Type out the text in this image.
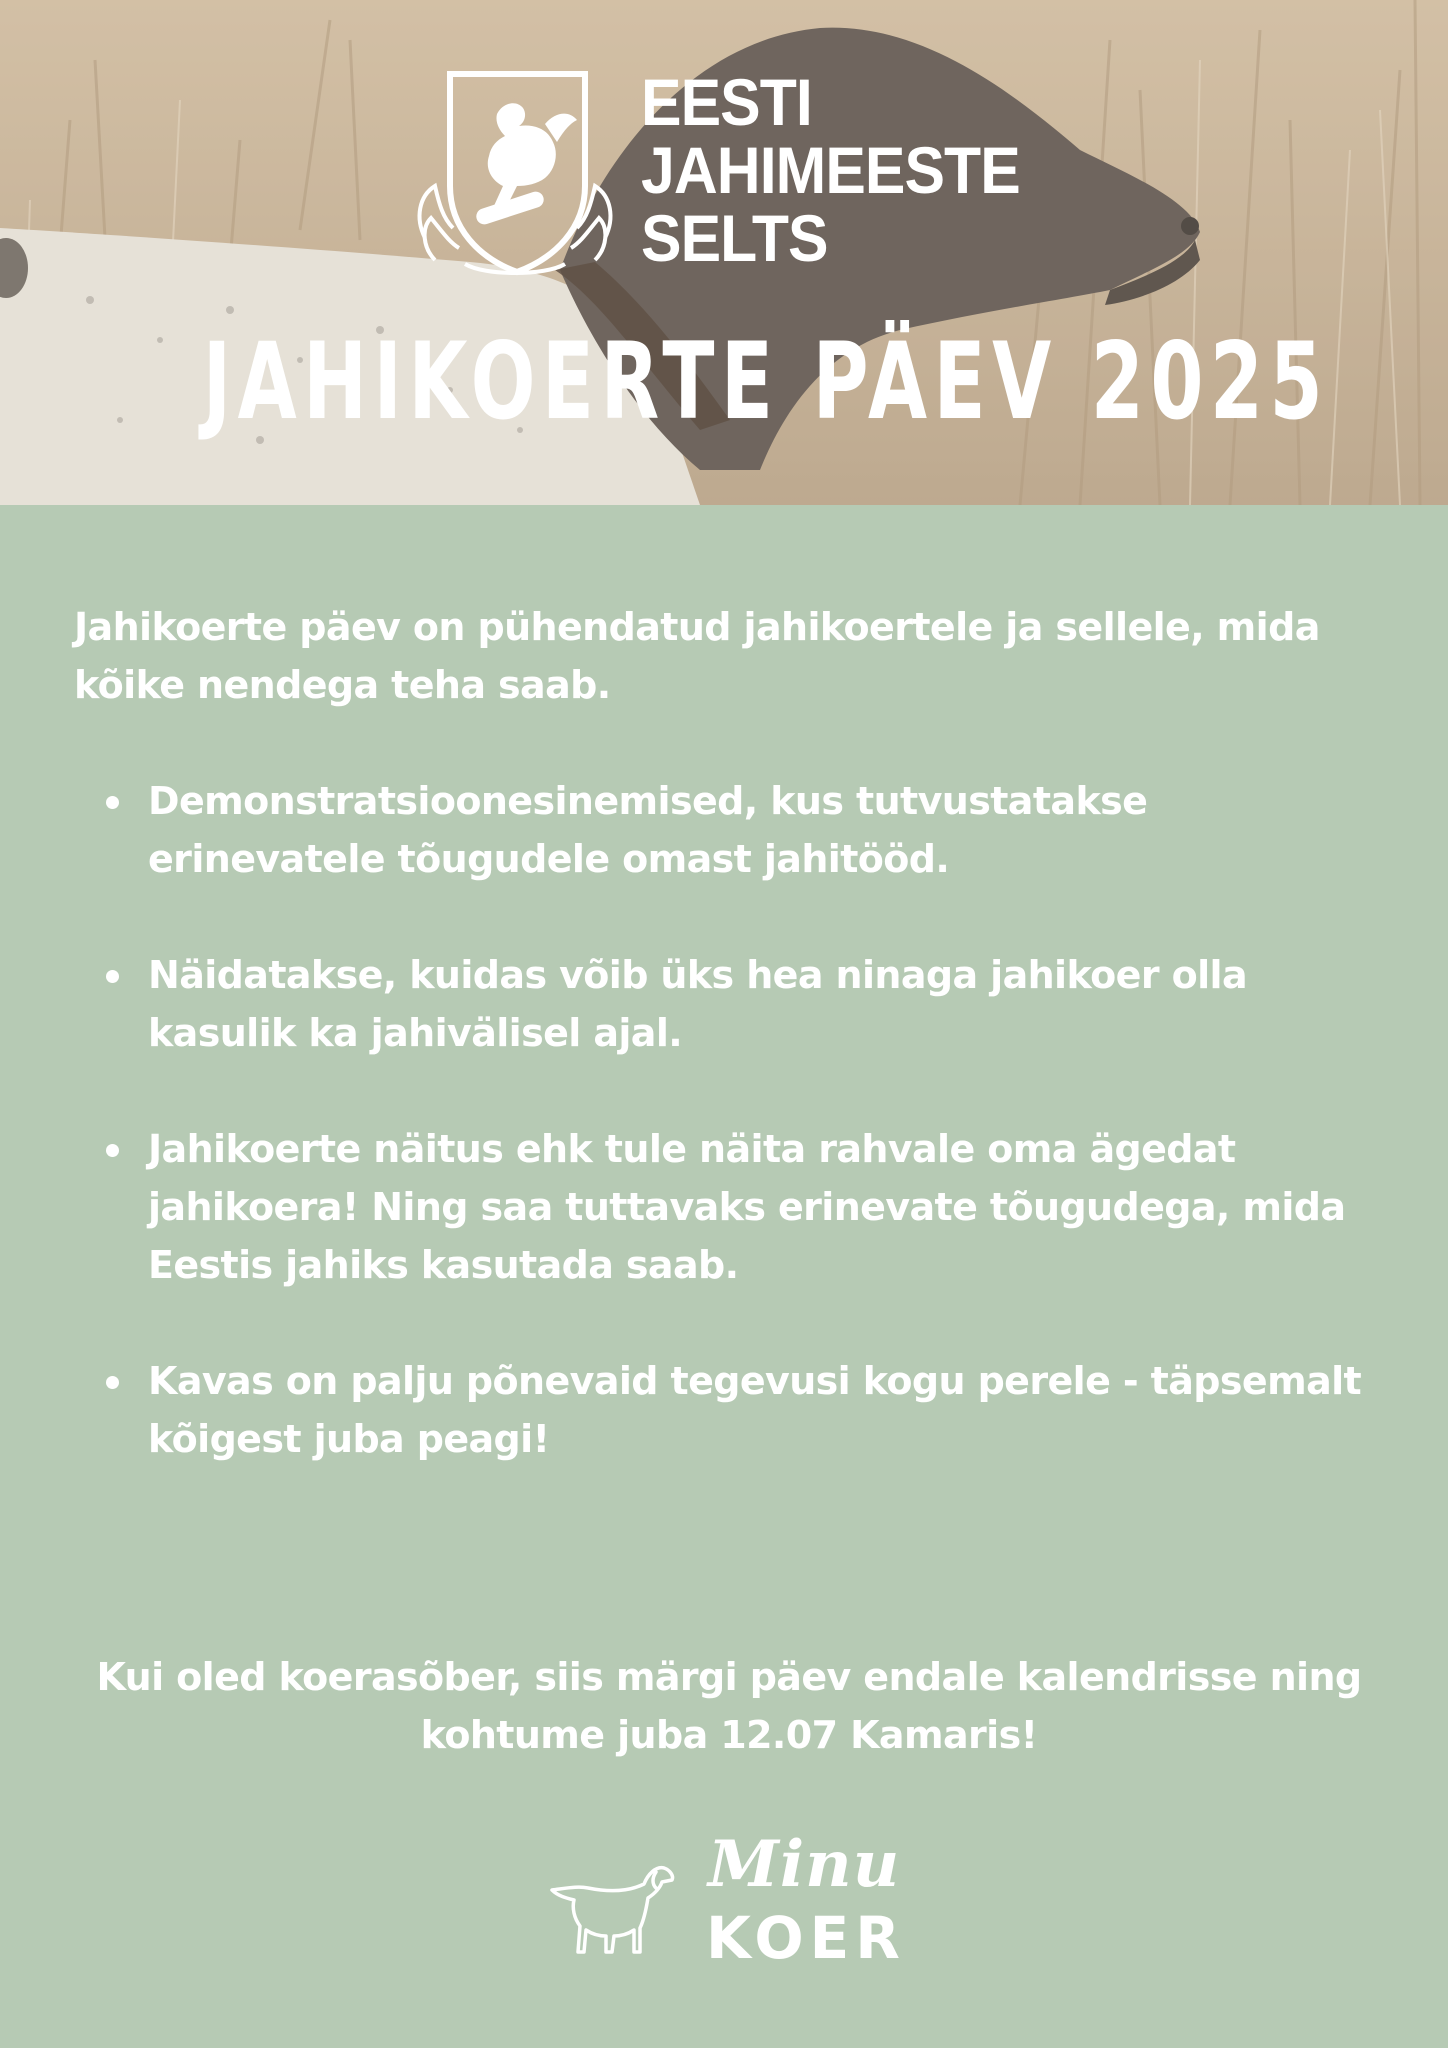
EESTI
JAHIMEESTE
SELTS
JAHIKOERTE PÄEV 2025

Jahikoerte päev on pühendatud jahikoertele ja sellele, mida kõike nendega teha saab.

Demonstratsioonesinemised, kus tutvustatakse erinevatele tõugudele omast jahitööd.
Näidatakse, kuidas võib üks hea ninaga jahikoer olla kasulik ka jahivälisel ajal.
Jahikoerte näitus ehk tule näita rahvale oma ägedat jahikoera! Ning saa tuttavaks erinevate tõugudega, mida Eestis jahiks kasutada saab.
Kavas on palju põnevaid tegevusi kogu perele - täpsemalt kõigest juba peagi!
Kui oled koerasõber, siis märgi päev endale kalendrisse ning kohtume juba 12.07 Kamaris!
Minu
KOER
